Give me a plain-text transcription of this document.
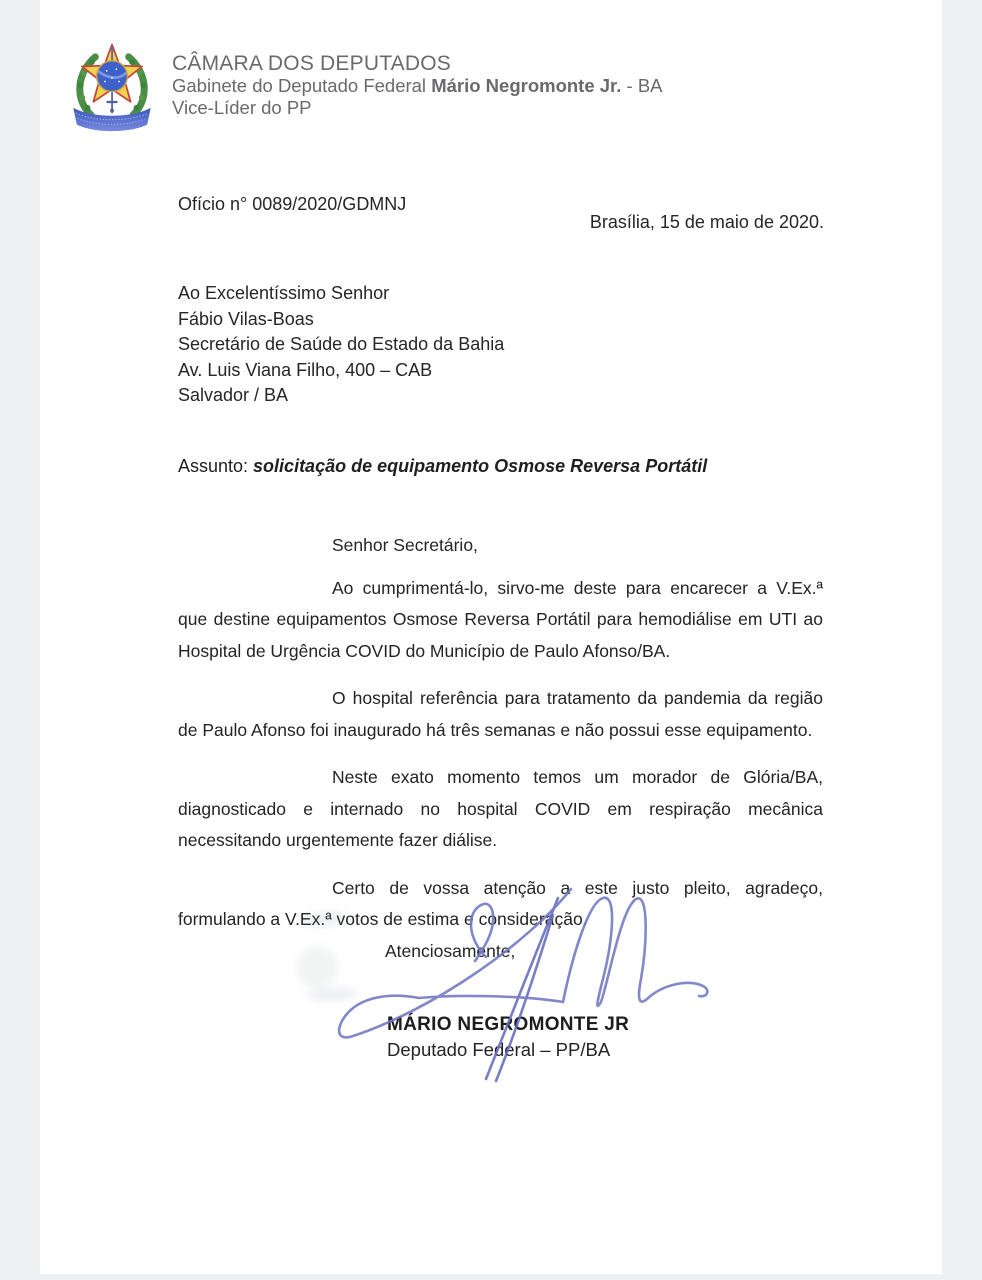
CÂMARA DOS DEPUTADOS
Gabinete do Deputado Federal Mário Negromonte Jr. - BA
Vice-Líder do PP
Ofício n° 0089/2020/GDMNJ
Brasília, 15 de maio de 2020.
Ao Excelentíssimo Senhor
Fábio Vilas-Boas
Secretário de Saúde do Estado da Bahia
Av. Luis Viana Filho, 400 – CAB
Salvador / BA
Assunto: solicitação de equipamento Osmose Reversa Portátil

Senhor Secretário,

Ao cumprimentá-lo, sirvo-me deste para encarecer a V.Ex.ª que destine equipamentos Osmose Reversa Portátil para hemodiálise em UTI ao Hospital de Urgência COVID do Município de Paulo Afonso/BA.

O hospital referência para tratamento da pandemia da região de Paulo Afonso foi inaugurado há três semanas e não possui esse equipamento.

Neste exato momento temos um morador de Glória/BA, diagnosticado e internado no hospital COVID em respiração mecânica necessitando urgentemente fazer diálise.

Certo de vossa atenção a este justo pleito, agradeço, formulando a V.Ex.ª votos de estima e consideração.

Atenciosamente,

MÁRIO NEGROMONTE JR
Deputado Federal – PP/BA
